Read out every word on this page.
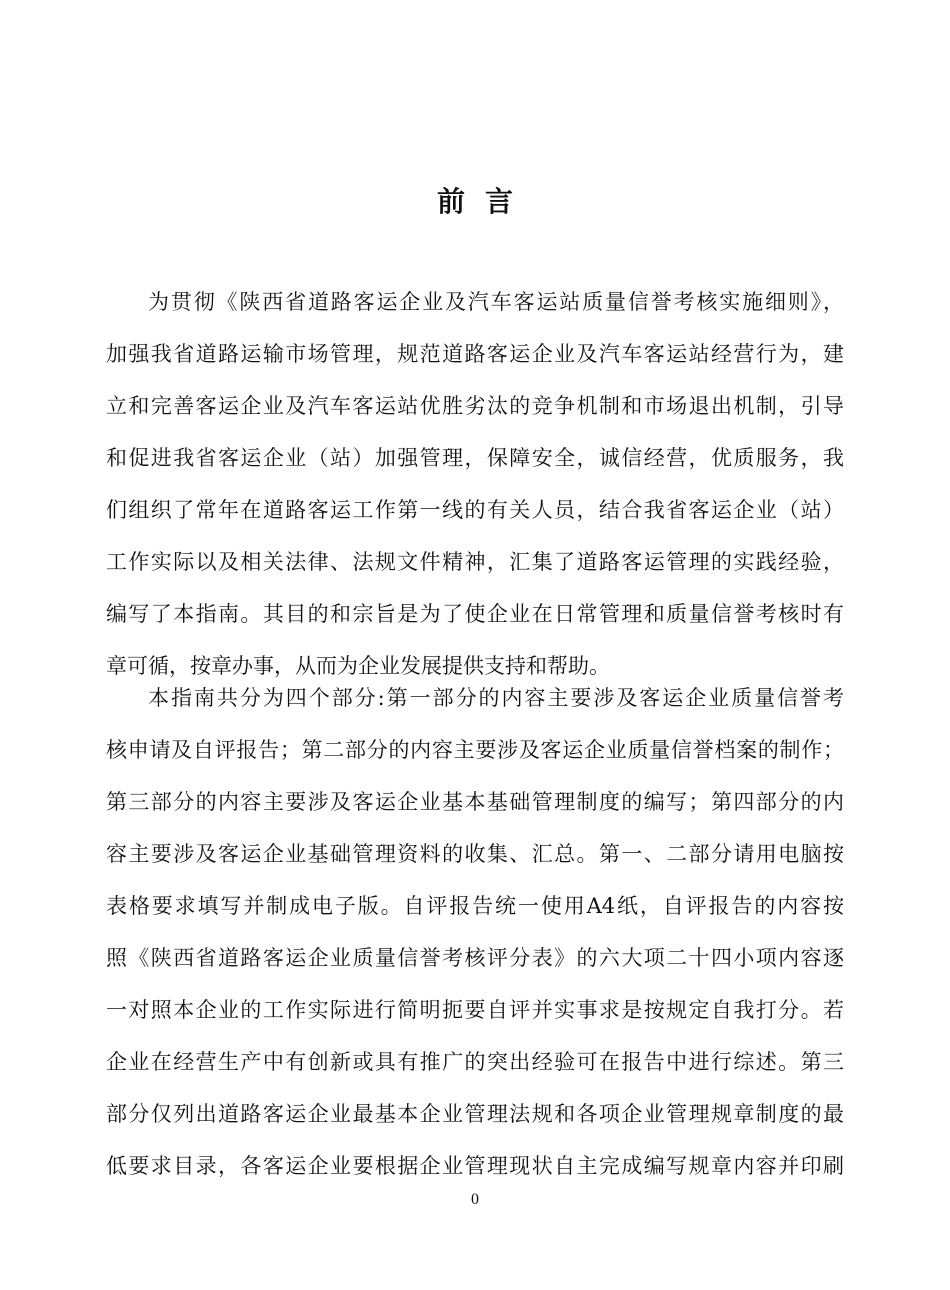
前言
为贯彻《陕西省道路客运企业及汽车客运站质量信誉考核实施细则》，
加强我省道路运输市场管理，规范道路客运企业及汽车客运站经营行为，建
立和完善客运企业及汽车客运站优胜劣汰的竞争机制和市场退出机制，引导
和促进我省客运企业（站）加强管理，保障安全，诚信经营，优质服务，我
们组织了常年在道路客运工作第一线的有关人员，结合我省客运企业（站）
工作实际以及相关法律、法规文件精神，汇集了道路客运管理的实践经验，
编写了本指南。其目的和宗旨是为了使企业在日常管理和质量信誉考核时有
章可循，按章办事，从而为企业发展提供支持和帮助。
本指南共分为四个部分:第一部分的内容主要涉及客运企业质量信誉考
核申请及自评报告；第二部分的内容主要涉及客运企业质量信誉档案的制作；
第三部分的内容主要涉及客运企业基本基础管理制度的编写；第四部分的内
容主要涉及客运企业基础管理资料的收集、汇总。第一、二部分请用电脑按
表格要求填写并制成电子版。自评报告统一使用A4纸，自评报告的内容按
照《陕西省道路客运企业质量信誉考核评分表》的六大项二十四小项内容逐
一对照本企业的工作实际进行简明扼要自评并实事求是按规定自我打分。若
企业在经营生产中有创新或具有推广的突出经验可在报告中进行综述。第三
部分仅列出道路客运企业最基本企业管理法规和各项企业管理规章制度的最
低要求目录，各客运企业要根据企业管理现状自主完成编写规章内容并印刷
0
